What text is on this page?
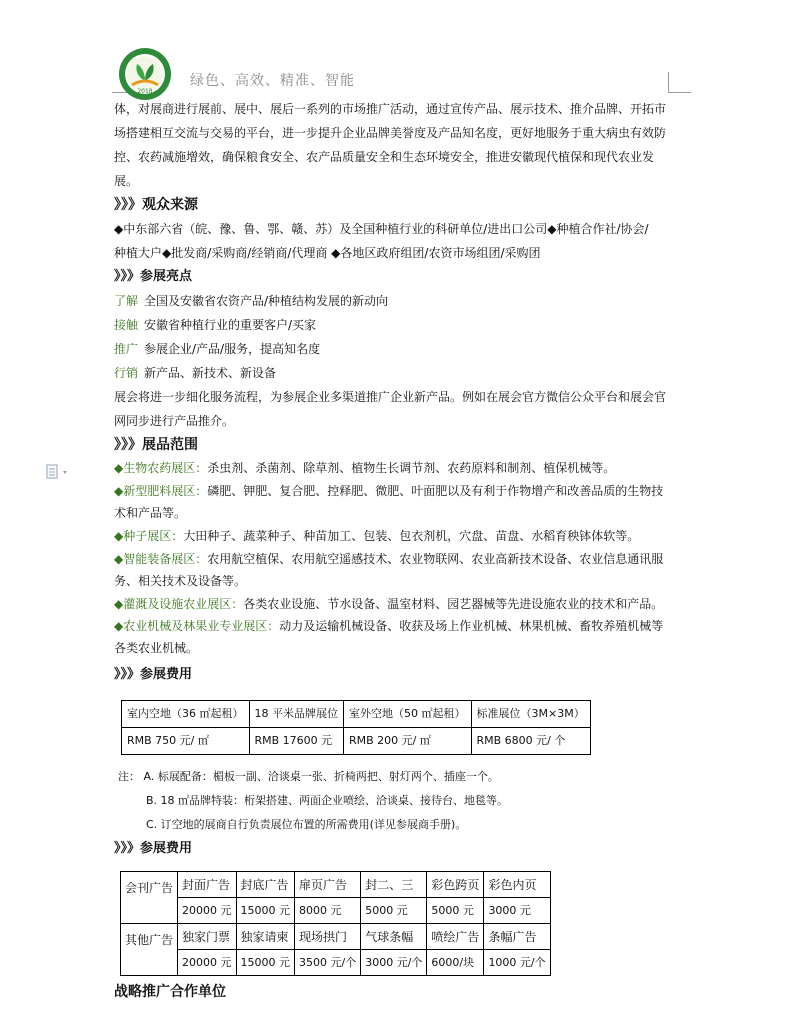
2018
绿色、高效、精准、智能

体，对展商进行展前、展中、展后一系列的市场推广活动，通过宣传产品、展示技术、推介品牌、开拓市

场搭建相互交流与交易的平台，进一步提升企业品牌美誉度及产品知名度，更好地服务于重大病虫有效防

控、农药减施增效，确保粮食安全、农产品质量安全和生态环境安全，推进安徽现代植保和现代农业发展。

》》》观众来源

◆中东部六省（皖、豫、鲁、鄂、赣、苏）及全国种植行业的科研单位/进出口公司◆种植合作社/协会/

种植大户◆批发商/采购商/经销商/代理商 ◆各地区政府组团/农资市场组团/采购团

》》》参展亮点

了解 全国及安徽省农资产品/种植结构发展的新动向

接触 安徽省种植行业的重要客户/买家

推广 参展企业/产品/服务，提高知名度

行销 新产品、新技术、新设备

展会将进一步细化服务流程，为参展企业多渠道推广企业新产品。例如在展会官方微信公众平台和展会官

网同步进行产品推介。

》》》展品范围

◆生物农药展区：杀虫剂、杀菌剂、除草剂、植物生长调节剂、农药原料和制剂、植保机械等。

◆新型肥料展区：磷肥、钾肥、复合肥、控释肥、微肥、叶面肥以及有利于作物增产和改善品质的生物技

术和产品等。

◆种子展区：大田种子、蔬菜种子、种苗加工、包装、包衣剂机，穴盘、苗盘、水稻育秧钵体软等。

◆智能装备展区：农用航空植保、农用航空遥感技术、农业物联网、农业高新技术设备、农业信息通讯服

务、相关技术及设备等。

◆灌溉及设施农业展区：各类农业设施、节水设备、温室材料、园艺器械等先进设施农业的技术和产品。

◆农业机械及林果业专业展区：动力及运输机械设备、收获及场上作业机械、林果机械、畜牧养殖机械等

各类农业机械。

》》》参展费用

室内空地（36 ㎡起租）	18 平米品牌展位	室外空地（50 ㎡起租）	标准展位（3M×3M）
RMB 750 元/ ㎡	RMB 17600 元	RMB 200 元/ ㎡	RMB 6800 元/ 个
注： A. 标展配备：楣板一副、洽谈桌一张、折椅两把、射灯两个、插座一个。
B. 18 ㎡品牌特装：桁架搭建、两面企业喷绘、洽谈桌、接待台、地毯等。
C. 订空地的展商自行负责展位布置的所需费用(详见参展商手册)。

》》》参展费用

会刊广告	封面广告	封底广告	扉页广告	封二、三	彩色跨页	彩色内页
	20000 元	15000 元	8000 元	5000 元	5000 元	3000 元
其他广告	独家门票	独家请柬	现场拱门	气球条幅	喷绘广告	条幅广告
	20000 元	15000 元	3500 元/个	3000 元/个	6000/块	1000 元/个

战略推广合作单位
